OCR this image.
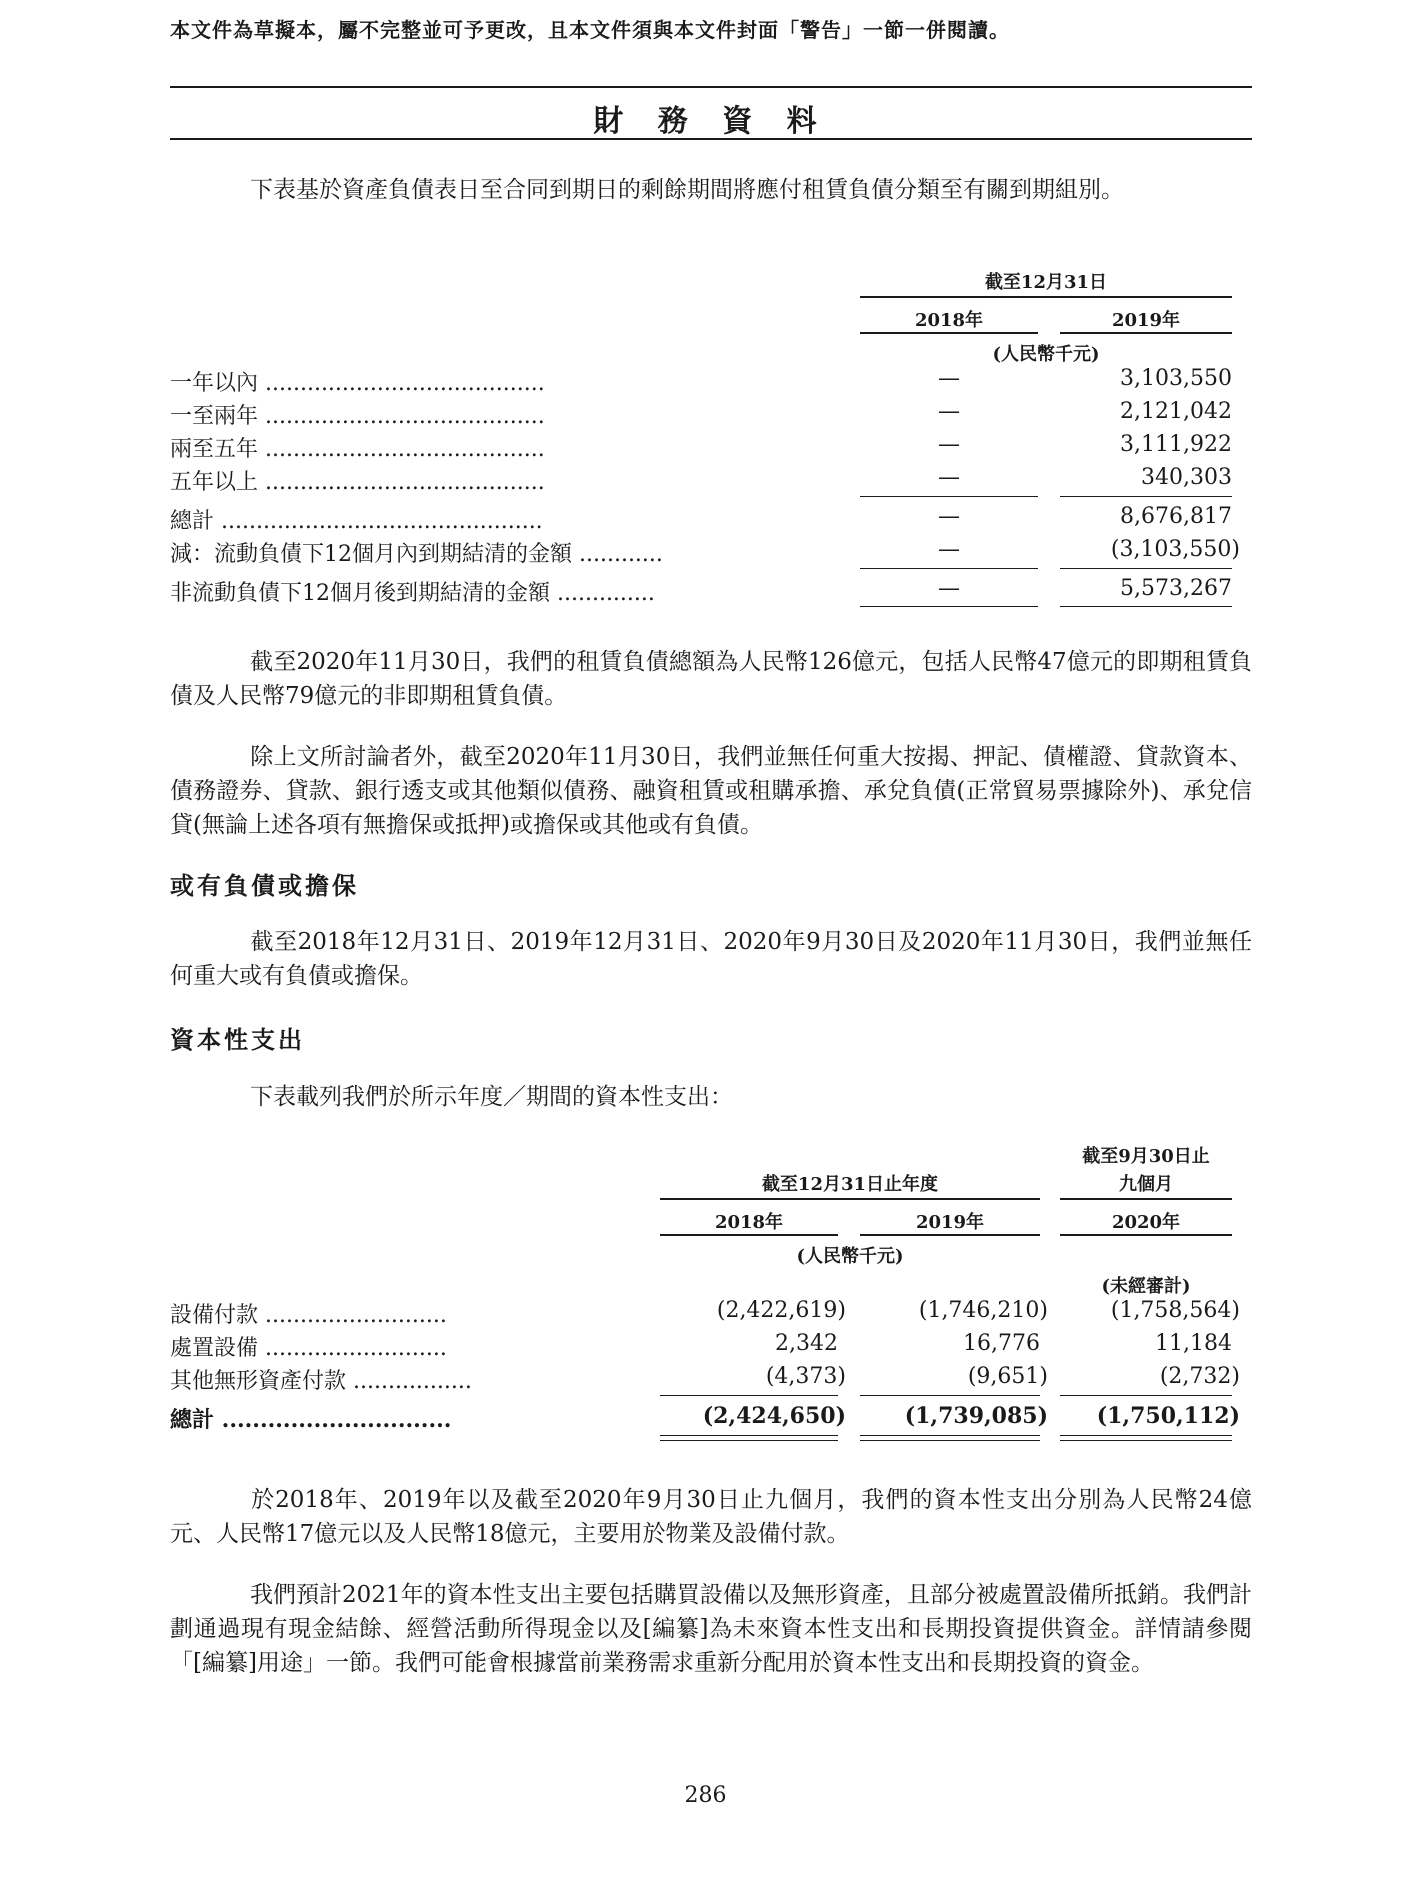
本文件為草擬本，屬不完整並可予更改，且本文件須與本文件封面「警告」一節一併閱讀。
財 務 資 料
下表基於資產負債表日至合同到期日的剩餘期間將應付租賃負債分類至有關到期組別。
截至12月31日
2018年	2019年
(人民幣千元)
一年以內 ........................................	—	3,103,550
一至兩年 ........................................	—	2,121,042
兩至五年 ........................................	—	3,111,922
五年以上 ........................................	—	340,303
總計 ..............................................	—	8,676,817
減：流動負債下12個月內到期結清的金額 ............	—	(3,103,550)
非流動負債下12個月後到期結清的金額 ..............	—	5,573,267
截至2020年11月30日，我們的租賃負債總額為人民幣126億元，包括人民幣47億元的即期租賃負債及人民幣79億元的非即期租賃負債。
除上文所討論者外，截至2020年11月30日，我們並無任何重大按揭、押記、債權證、貸款資本、債務證券、貸款、銀行透支或其他類似債務、融資租賃或租購承擔、承兌負債(正常貿易票據除外)、承兌信貸(無論上述各項有無擔保或抵押)或擔保或其他或有負債。
或有負債或擔保
截至2018年12月31日、2019年12月31日、2020年9月30日及2020年11月30日，我們並無任何重大或有負債或擔保。
資本性支出
下表載列我們於所示年度／期間的資本性支出：
截至9月30日止
截至12月31日止年度	九個月
2018年	2019年	2020年
(人民幣千元)
(未經審計)
設備付款 ..........................	(2,422,619)	(1,746,210)	(1,758,564)
處置設備 ..........................	2,342	16,776	11,184
其他無形資產付款 .................	(4,373)	(9,651)	(2,732)
總計 ..............................	(2,424,650)	(1,739,085)	(1,750,112)
於2018年、2019年以及截至2020年9月30日止九個月，我們的資本性支出分別為人民幣24億元、人民幣17億元以及人民幣18億元，主要用於物業及設備付款。
我們預計2021年的資本性支出主要包括購買設備以及無形資產，且部分被處置設備所抵銷。我們計劃通過現有現金結餘、經營活動所得現金以及[編纂]為未來資本性支出和長期投資提供資金。詳情請參閱「[編纂]用途」一節。我們可能會根據當前業務需求重新分配用於資本性支出和長期投資的資金。
286
